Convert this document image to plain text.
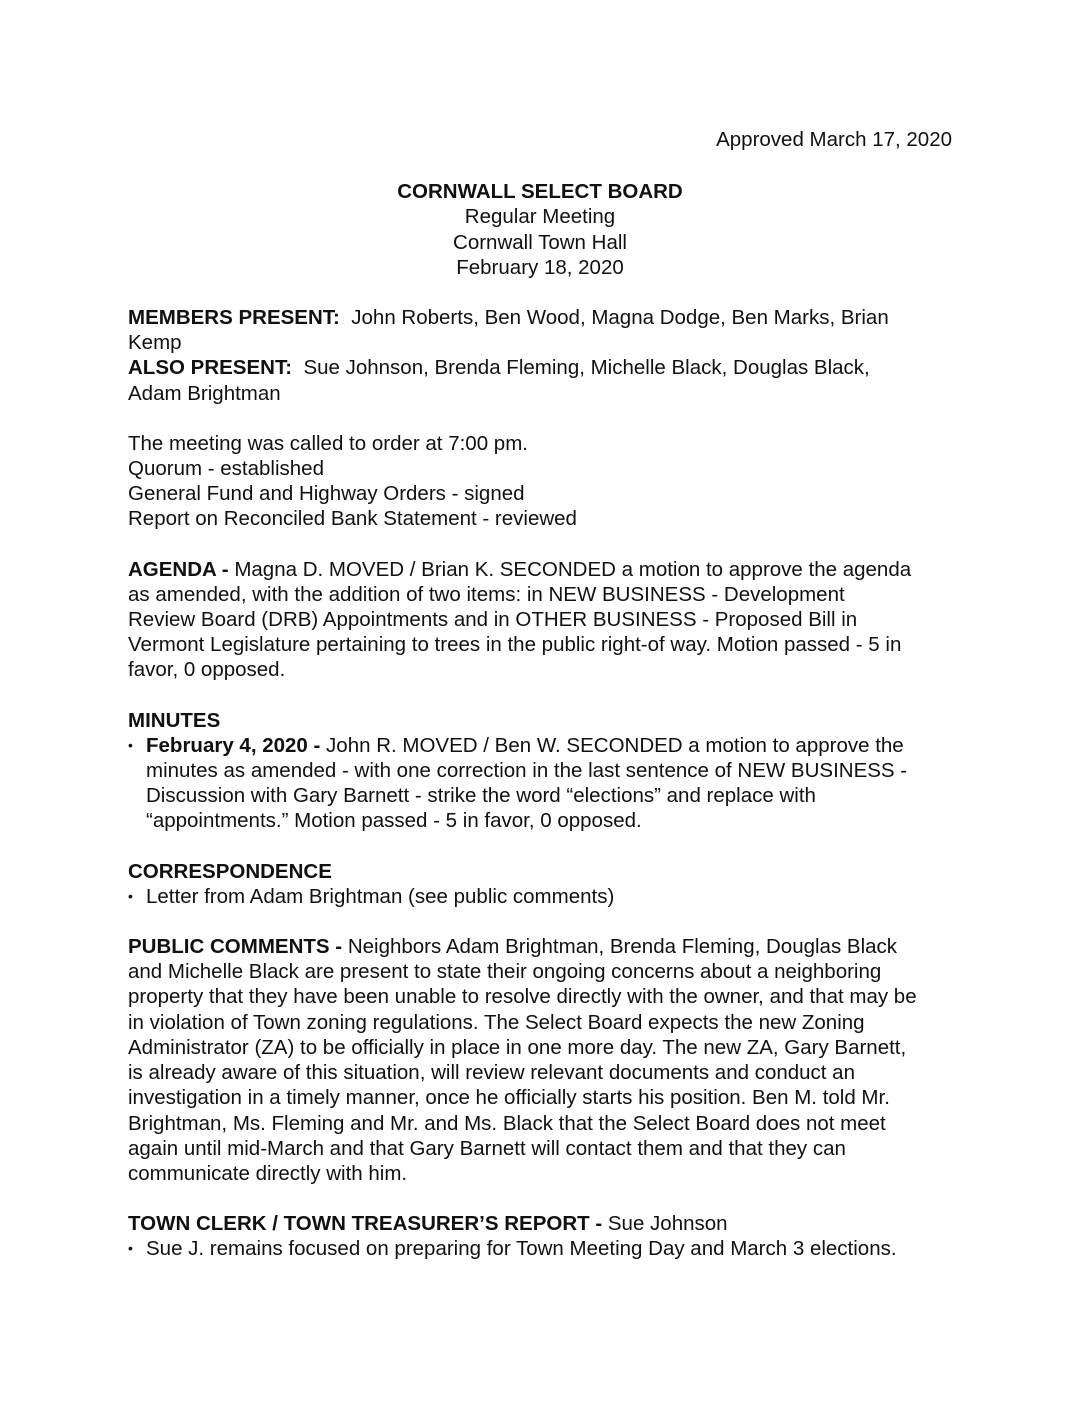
Approved March 17, 2020

CORNWALL SELECT BOARD
Regular Meeting
Cornwall Town Hall
February 18, 2020

MEMBERS PRESENT: John Roberts, Ben Wood, Magna Dodge, Ben Marks, Brian

Kemp

ALSO PRESENT: Sue Johnson, Brenda Fleming, Michelle Black, Douglas Black,

Adam Brightman

The meeting was called to order at 7:00 pm.

Quorum - established

General Fund and Highway Orders - signed

Report on Reconciled Bank Statement - reviewed

AGENDA - Magna D. MOVED / Brian K. SECONDED a motion to approve the agenda

as amended, with the addition of two items: in NEW BUSINESS - Development

Review Board (DRB) Appointments and in OTHER BUSINESS - Proposed Bill in

Vermont Legislature pertaining to trees in the public right-of way. Motion passed - 5 in

favor, 0 opposed.

MINUTES

• February 4, 2020 - John R. MOVED / Ben W. SECONDED a motion to approve the
minutes as amended - with one correction in the last sentence of NEW BUSINESS -
Discussion with Gary Barnett - strike the word “elections” and replace with
“appointments.” Motion passed - 5 in favor, 0 opposed.

CORRESPONDENCE

• Letter from Adam Brightman (see public comments)

PUBLIC COMMENTS - Neighbors Adam Brightman, Brenda Fleming, Douglas Black

and Michelle Black are present to state their ongoing concerns about a neighboring

property that they have been unable to resolve directly with the owner, and that may be

in violation of Town zoning regulations. The Select Board expects the new Zoning

Administrator (ZA) to be officially in place in one more day. The new ZA, Gary Barnett,

is already aware of this situation, will review relevant documents and conduct an

investigation in a timely manner, once he officially starts his position. Ben M. told Mr.

Brightman, Ms. Fleming and Mr. and Ms. Black that the Select Board does not meet

again until mid-March and that Gary Barnett will contact them and that they can

communicate directly with him.

TOWN CLERK / TOWN TREASURER’S REPORT - Sue Johnson

• Sue J. remains focused on preparing for Town Meeting Day and March 3 elections.
